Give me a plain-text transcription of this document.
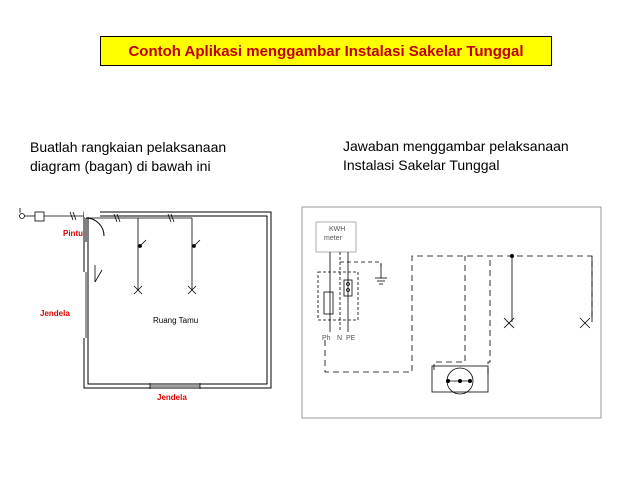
Contoh Aplikasi menggambar Instalasi Sakelar Tunggal
Buatlah rangkaian pelaksanaan
diagram (bagan) di bawah ini
Jawaban menggambar pelaksanaan
Instalasi Sakelar Tunggal
Pintu
Jendela
Jendela
Ruang Tamu
KWH
meter
Ph N PE
